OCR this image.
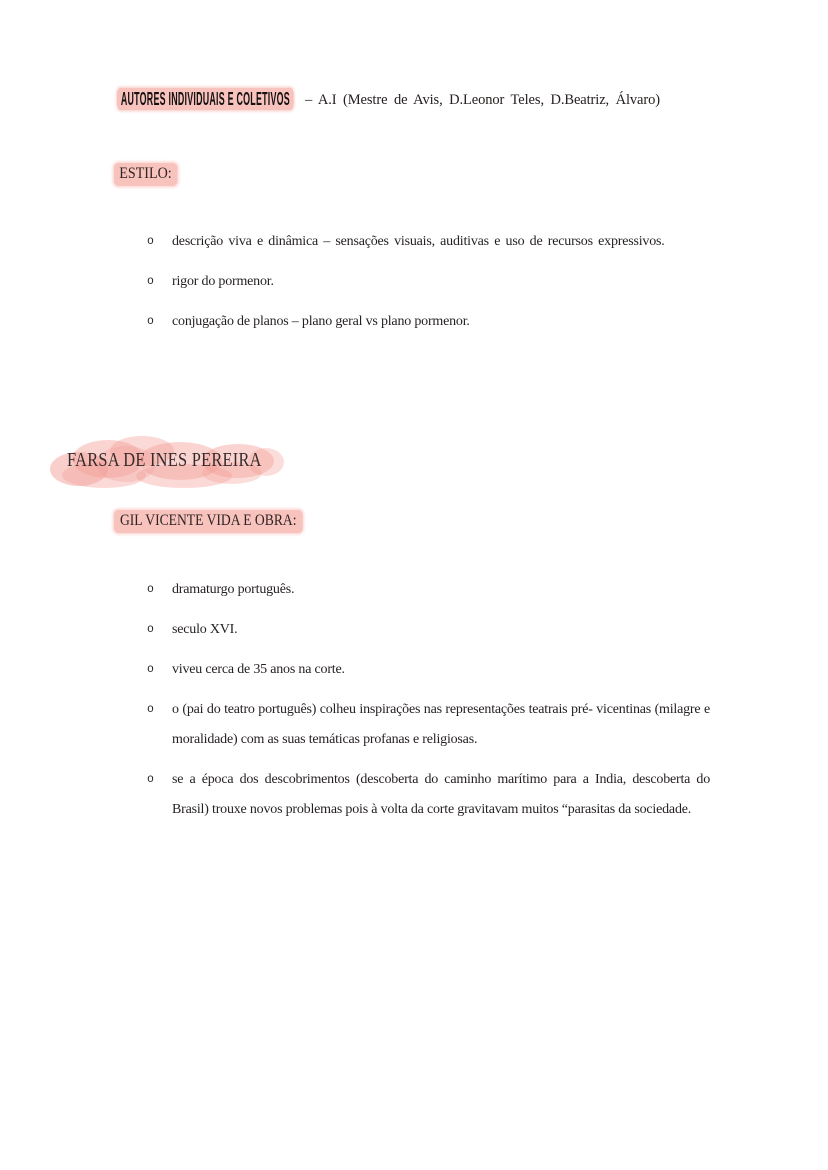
AUTORES INDIVIDUAIS E COLETIVOS	– A.I (Mestre de Avis, D.Leonor Teles, D.Beatriz, Álvaro)
ESTILO:
o descrição viva e dinâmica – sensações visuais, auditivas e uso de recursos expressivos.
o rigor do pormenor.
o conjugação de planos – plano geral vs plano pormenor.
FARSA DE INES PEREIRA
GIL VICENTE VIDA E OBRA:
o dramaturgo português.
o seculo XVI.
o viveu cerca de 35 anos na corte.
o o (pai do teatro português) colheu inspirações nas representações teatrais pré- vicentinas (milagre e moralidade) com as suas temáticas profanas e religiosas.
o se a época dos descobrimentos (descoberta do caminho marítimo para a India, descoberta do Brasil) trouxe novos problemas pois à volta da corte gravitavam muitos “parasitas da sociedade.
